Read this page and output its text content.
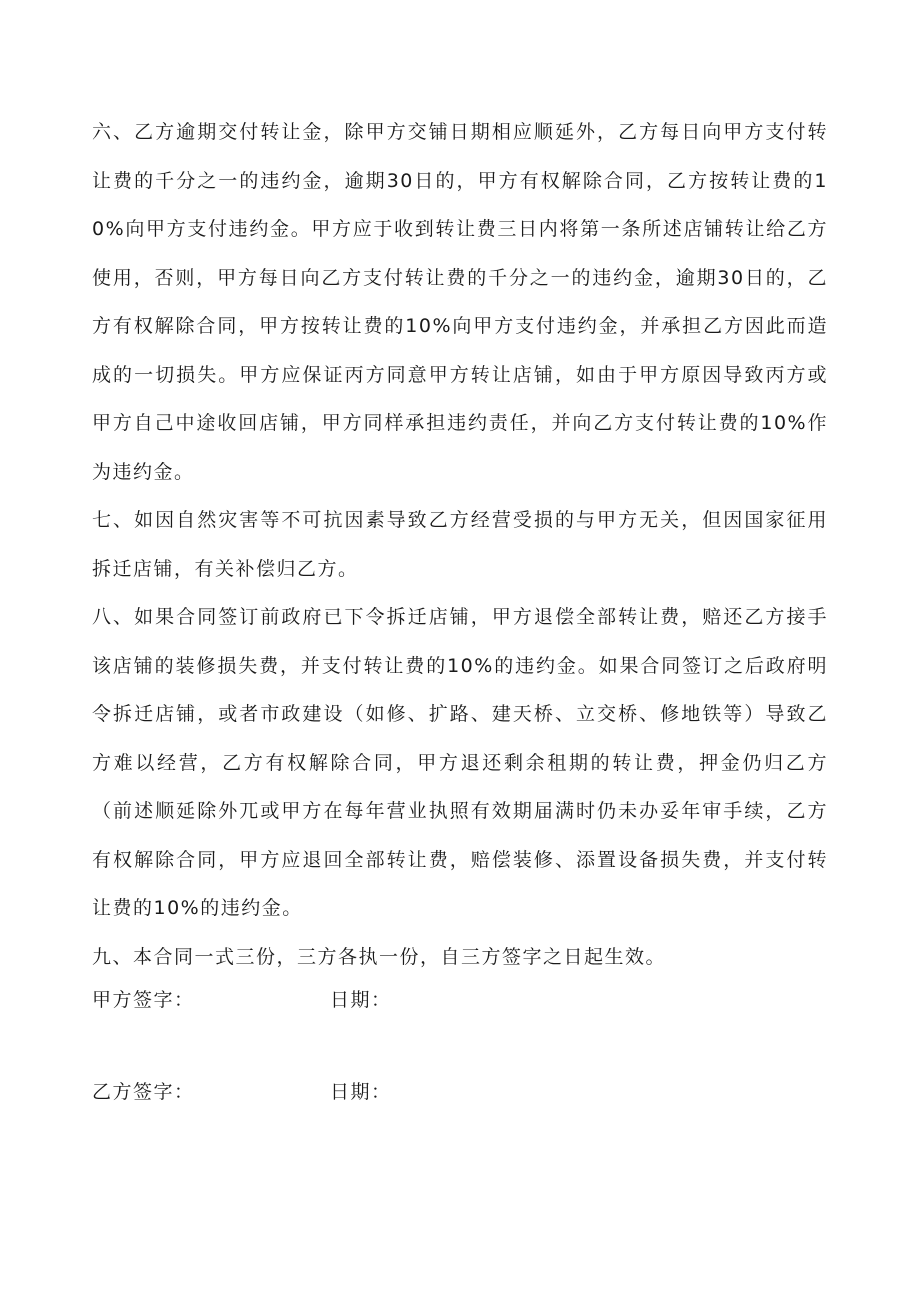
六、乙方逾期交付转让金，除甲方交铺日期相应顺延外，乙方每日向甲方支付转让费的千分之一的违约金，逾期30日的，甲方有权解除合同，乙方按转让费的10%向甲方支付违约金。甲方应于收到转让费三日内将第一条所述店铺转让给乙方使用，否则，甲方每日向乙方支付转让费的千分之一的违约金，逾期30日的，乙方有权解除合同，甲方按转让费的10%向甲方支付违约金，并承担乙方因此而造成的一切损失。甲方应保证丙方同意甲方转让店铺，如由于甲方原因导致丙方或甲方自己中途收回店铺，甲方同样承担违约责任，并向乙方支付转让费的10%作为违约金。

七、如因自然灾害等不可抗因素导致乙方经营受损的与甲方无关，但因国家征用拆迁店铺，有关补偿归乙方。

八、如果合同签订前政府已下令拆迁店铺，甲方退偿全部转让费，赔还乙方接手该店铺的装修损失费，并支付转让费的10%的违约金。如果合同签订之后政府明令拆迁店铺，或者市政建设（如修、扩路、建天桥、立交桥、修地铁等）导致乙方难以经营，乙方有权解除合同，甲方退还剩余租期的转让费，押金仍归乙方（前述顺延除外兀或甲方在每年营业执照有效期届满时仍未办妥年审手续，乙方有权解除合同，甲方应退回全部转让费，赔偿装修、添置设备损失费，并支付转让费的10%的违约金。

九、本合同一式三份，三方各执一份，自三方签字之日起生效。

甲方签字：	日期：
乙方签字：	日期：
